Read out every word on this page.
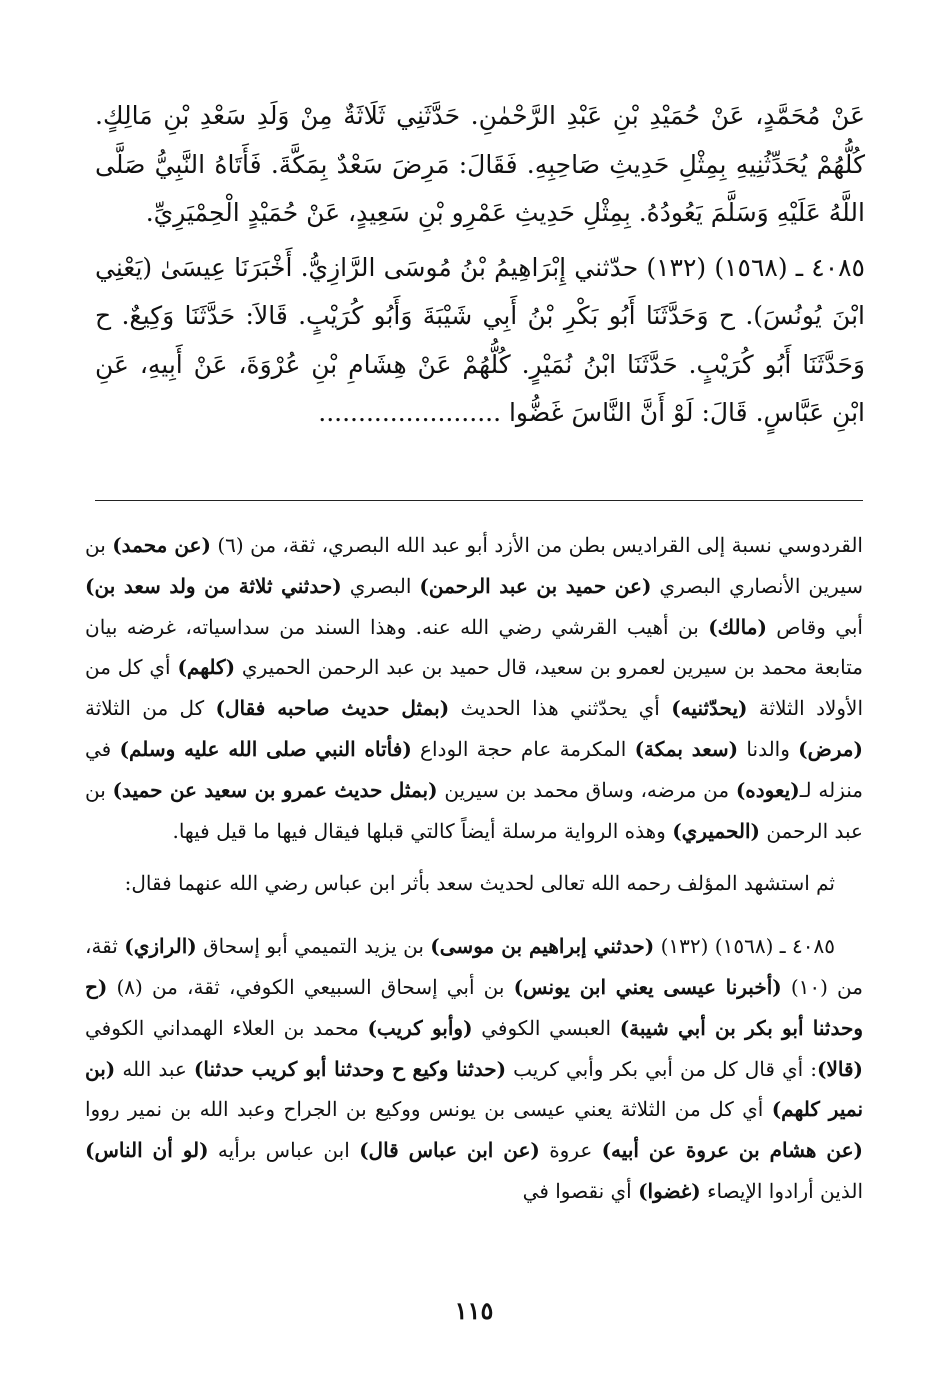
عَنْ مُحَمَّدٍ، عَنْ حُمَيْدِ بْنِ عَبْدِ الرَّحْمٰنِ. حَدَّثَنِي ثَلَاثَةٌ مِنْ وَلَدِ سَعْدِ بْنِ مَالِكٍ. كُلُّهُمْ يُحَدِّثُنِيهِ بِمِثْلِ حَدِيثِ صَاحِبِهِ. فَقَالَ: مَرِضَ سَعْدٌ بِمَكَّةَ. فَأَتَاهُ النَّبِيُّ صَلَّى اللَّهُ عَلَيْهِ وَسَلَّمَ يَعُودُهُ. بِمِثْلِ حَدِيثِ عَمْرِو بْنِ سَعِيدٍ، عَنْ حُمَيْدٍ الْحِمْيَرِيِّ.

٤٠٨٥ ـ (١٥٦٨) (١٣٢) حدّثني إِبْرَاهِيمُ بْنُ مُوسَى الرَّازِيُّ. أَخْبَرَنَا عِيسَىٰ (يَعْنِي ابْنَ يُونُسَ). ح وَحَدَّثَنَا أَبُو بَكْرِ بْنُ أَبِي شَيْبَةَ وَأَبُو كُرَيْبٍ. قَالاَ: حَدَّثَنَا وَكِيعٌ. ح وَحَدَّثَنَا أَبُو كُرَيْبٍ. حَدَّثَنَا ابْنُ نُمَيْرٍ. كُلُّهُمْ عَنْ هِشَامِ بْنِ عُرْوَةَ، عَنْ أَبِيهِ، عَنِ ابْنِ عَبَّاسٍ. قَالَ: لَوْ أَنَّ النَّاسَ غَضُّوا .......................

القردوسي نسبة إلى القراديس بطن من الأزد أبو عبد الله البصري، ثقة، من (٦) (عن محمد) بن سيرين الأنصاري البصري (عن حميد بن عبد الرحمن) البصري (حدثني ثلاثة من ولد سعد بن) أبي وقاص (مالك) بن أهيب القرشي رضي الله عنه. وهذا السند من سداسياته، غرضه بيان متابعة محمد بن سيرين لعمرو بن سعيد، قال حميد بن عبد الرحمن الحميري (كلهم) أي كل من الأولاد الثلاثة (يحدّثنيه) أي يحدّثني هذا الحديث (بمثل حديث صاحبه فقال) كل من الثلاثة (مرض) والدنا (سعد بمكة) المكرمة عام حجة الوداع (فأتاه النبي صلى الله عليه وسلم) في منزله لـ(يعوده) من مرضه، وساق محمد بن سيرين (بمثل حديث عمرو بن سعيد عن حميد) بن عبد الرحمن (الحميري) وهذه الرواية مرسلة أيضاً كالتي قبلها فيقال فيها ما قيل فيها.

ثم استشهد المؤلف رحمه الله تعالى لحديث سعد بأثر ابن عباس رضي الله عنهما فقال:

٤٠٨٥ ـ (١٥٦٨) (١٣٢) (حدثني إبراهيم بن موسى) بن يزيد التميمي أبو إسحاق (الرازي) ثقة، من (١٠) (أخبرنا عيسى يعني ابن يونس) بن أبي إسحاق السبيعي الكوفي، ثقة، من (٨) (ح وحدثنا أبو بكر بن أبي شيبة) العبسي الكوفي (وأبو كريب) محمد بن العلاء الهمداني الكوفي (قالا): أي قال كل من أبي بكر وأبي كريب (حدثنا وكيع ح وحدثنا أبو كريب حدثنا) عبد الله (بن نمير كلهم) أي كل من الثلاثة يعني عيسى بن يونس ووكيع بن الجراح وعبد الله بن نمير رووا (عن هشام بن عروة عن أبيه) عروة (عن ابن عباس قال) ابن عباس برأيه (لو أن الناس) الذين أرادوا الإيصاء (غضوا) أي نقصوا في

١١٥
